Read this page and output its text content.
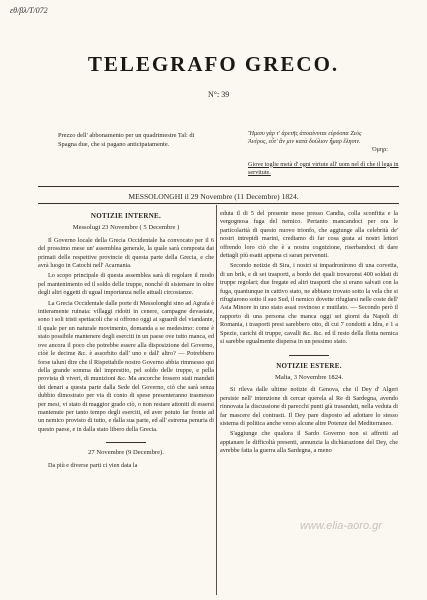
εθ/βλ/Τ/072
TELEGRAFO GRECO.
N°: 39
Prezzo dell' abbonamento per un quadrimestre Tal: di Spagna due, che si pagano anticipatamente.
Ἥμισυ γάρ τ' ἀρετῆς ἀποαίνυται εὐρύοπα Ζεὺς
Ἀνέρος, εὖτ' ἄν μιν κατὰ δούλιον ἦμαρ ἕλησιν.
Ὁμηρ:
Giove toglie metà d' ogni virtute all' uom nel dì che il lega in servitute.
MESSOLONGHI il 29 Novembre (11 Decembre) 1824.
NOTIZIE INTERNE.
Messolugi 23 Novembre ( 5 Decembre )

Il Governo locale della Grecia Occidentale ha convocato per il 6 del prossimo mese un' assemblea generale, la quale sarà composta dai primati delle respettive provincie di questa parte della Grecia, e che avrà luogo in Catochi nell' Acarnania.

Lo scopo principale di questa assemblea sarà di regolare il modo pel mantenimento ed il soldo delle truppe, nonché di sistemare in oltre degli altri oggetti di ugual importanza nelle attuali circostanze.

La Grecia Occidentale dalle porte di Messolonghi sino ad Agrafa è intieramente ruinata: villaggi ridotti in cenere, campagne devastate, sono i soli tristi spettacoli che si offrono oggi ai sguardi del viandante, il quale per un naturale movimento, domanda a se medesimo: come è stato possibile mantenere degli eserciti in un paese ove tutto manca, ed ove ancora il poco che potrebbe essere alla disposizione del Governo, ciòè le decime &c. è assorbito dall' uno e dall' altro? — Potrebbero forse taluni dire che il Rispettabile nostro Governo abbia rimmesso qui della grande somma del imprestito, pel soldo delle truppe, e pella provista di viveri, di munizioni &c. Ma ancorche fossero stati mandati dei denari a questa parte dalla Sede del Governo, ciò che sarà senza dubbio dimostrato per via di conto di spese presenteranno trasmesso per mesi, vi stato di maggior grado ciò, o non restare attoniti di essersi mantenute per tanto tempo degli eserciti, ed aver potuto far fronte ad un nemico provisto di tutto, e dalla sua parte, ed all' estrema penuria di questo paese, e in dalla stato libero della Grecia.

27 Novembre (9 Decembre).

Da più e diverse parti ci vien data la

eduta il di 5 del presente mese presso Candia, colla sconfitta e la vergognosa fuga del nemico. Pertanto mancandoci per ora le particolarità di questo nuovo trionfo, che aggiunge alla celebrità de' nostri intrepidi marini, crediamo di far cosa grata ai nostri lettori offrendo loro ciò che è a nostra cognizione, riserbandoci di dare dettagli più esatti appena ci saran pervenuti.

Secondo notizie di Sira, i nostri si impadronirono di una corvetta, di un brik, e di sei trasporti, a bordo dei quali trovaronsi 400 soldati di truppe regolari; due fregate ed altri trasporti che si erano salvati con la fuga, quantunque in cattivo stato, ne abbiano trovato sotto la vela che si rifugiarono sotto il suo Sud, il nemico dovette rifugiarsi nelle coste dell' Asia Minore in uno stato assai rovinoso e mutilato. — Secondo però il rapporto di una persona che manca oggi sei giorni da Napoli di Romania, i trasporti presi sarebbero otto, di cui 7 condotti a Idra, e 1 a Spezie, carichi di truppe, cavalli &c. &c. ed il resto della flotta nemica si sarebbe egualmente dispersa in un pessimo stato.

NOTIZIE ESTERE.
Malta, 3 Novembre 1824.

Si rileva dalle ultime notizie di Genova, che il Dey d' Algeri persiste nell' intenzione di cercar querela al Re di Sardegna, avendo rinnovata la discussione di parecchi punti già trasandati, nella veduta di far mascere del contrasti. Il Dey pare disposto ad adottare lo stesso sistema di politica anche verso alcune altre Potenze del Mediterraneo.

S'aggiunge che qualora il Sardo Governo non si affretti ad appianare le difficoltà presenti, annunzia la dichiarazione del Dey, che avrebbe fatta la guerra alla Sardegna, a meno

www.elia-aoro.gr
